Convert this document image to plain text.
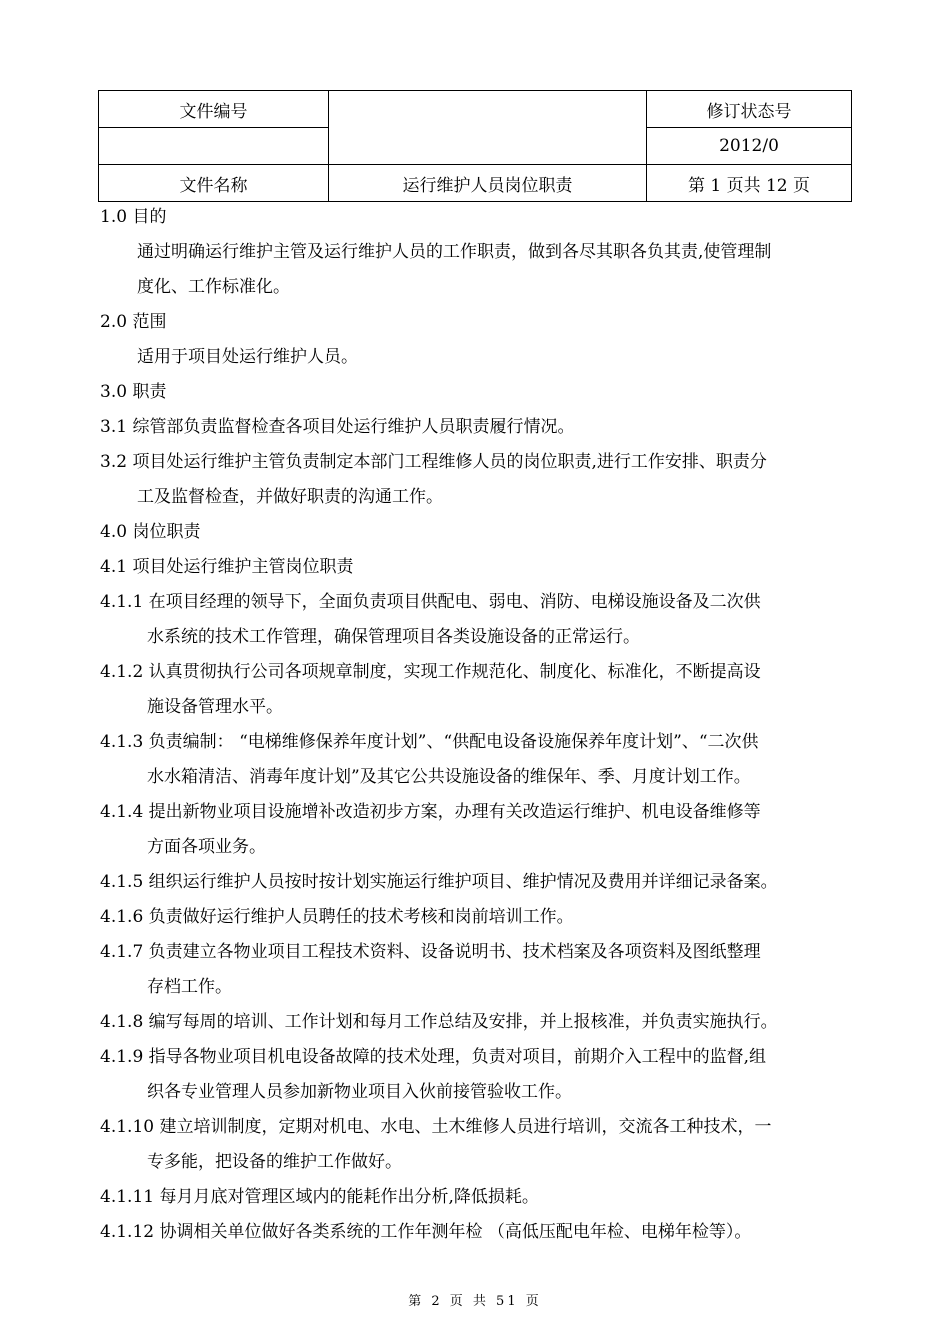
文件编号		修订状态号
		2012/0
文件名称	运行维护人员岗位职责	第 1 页共 12 页
1.0 目的
通过明确运行维护主管及运行维护人员的工作职责，做到各尽其职各负其责,使管理制
度化、工作标准化。
2.0 范围
适用于项目处运行维护人员。
3.0 职责
3.1 综管部负责监督检查各项目处运行维护人员职责履行情况。
3.2 项目处运行维护主管负责制定本部门工程维修人员的岗位职责,进行工作安排、职责分
工及监督检查，并做好职责的沟通工作。
4.0 岗位职责
4.1 项目处运行维护主管岗位职责
4.1.1 在项目经理的领导下，全面负责项目供配电、弱电、消防、电梯设施设备及二次供
水系统的技术工作管理，确保管理项目各类设施设备的正常运行。
4.1.2 认真贯彻执行公司各项规章制度，实现工作规范化、制度化、标准化，不断提高设
施设备管理水平。
4.1.3 负责编制： “电梯维修保养年度计划”、“供配电设备设施保养年度计划”、“二次供
水水箱清洁、消毒年度计划”及其它公共设施设备的维保年、季、月度计划工作。
4.1.4 提出新物业项目设施增补改造初步方案，办理有关改造运行维护、机电设备维修等
方面各项业务。
4.1.5 组织运行维护人员按时按计划实施运行维护项目、维护情况及费用并详细记录备案。
4.1.6 负责做好运行维护人员聘任的技术考核和岗前培训工作。
4.1.7 负责建立各物业项目工程技术资料、设备说明书、技术档案及各项资料及图纸整理
存档工作。
4.1.8 编写每周的培训、工作计划和每月工作总结及安排，并上报核准，并负责实施执行。
4.1.9 指导各物业项目机电设备故障的技术处理，负责对项目，前期介入工程中的监督,组
织各专业管理人员参加新物业项目入伙前接管验收工作。
4.1.10 建立培训制度，定期对机电、水电、土木维修人员进行培训，交流各工种技术，一
专多能，把设备的维护工作做好。
4.1.11 每月月底对管理区域内的能耗作出分析,降低损耗。
4.1.12 协调相关单位做好各类系统的工作年测年检 （高低压配电年检、电梯年检等）。
第 2 页 共 51 页
